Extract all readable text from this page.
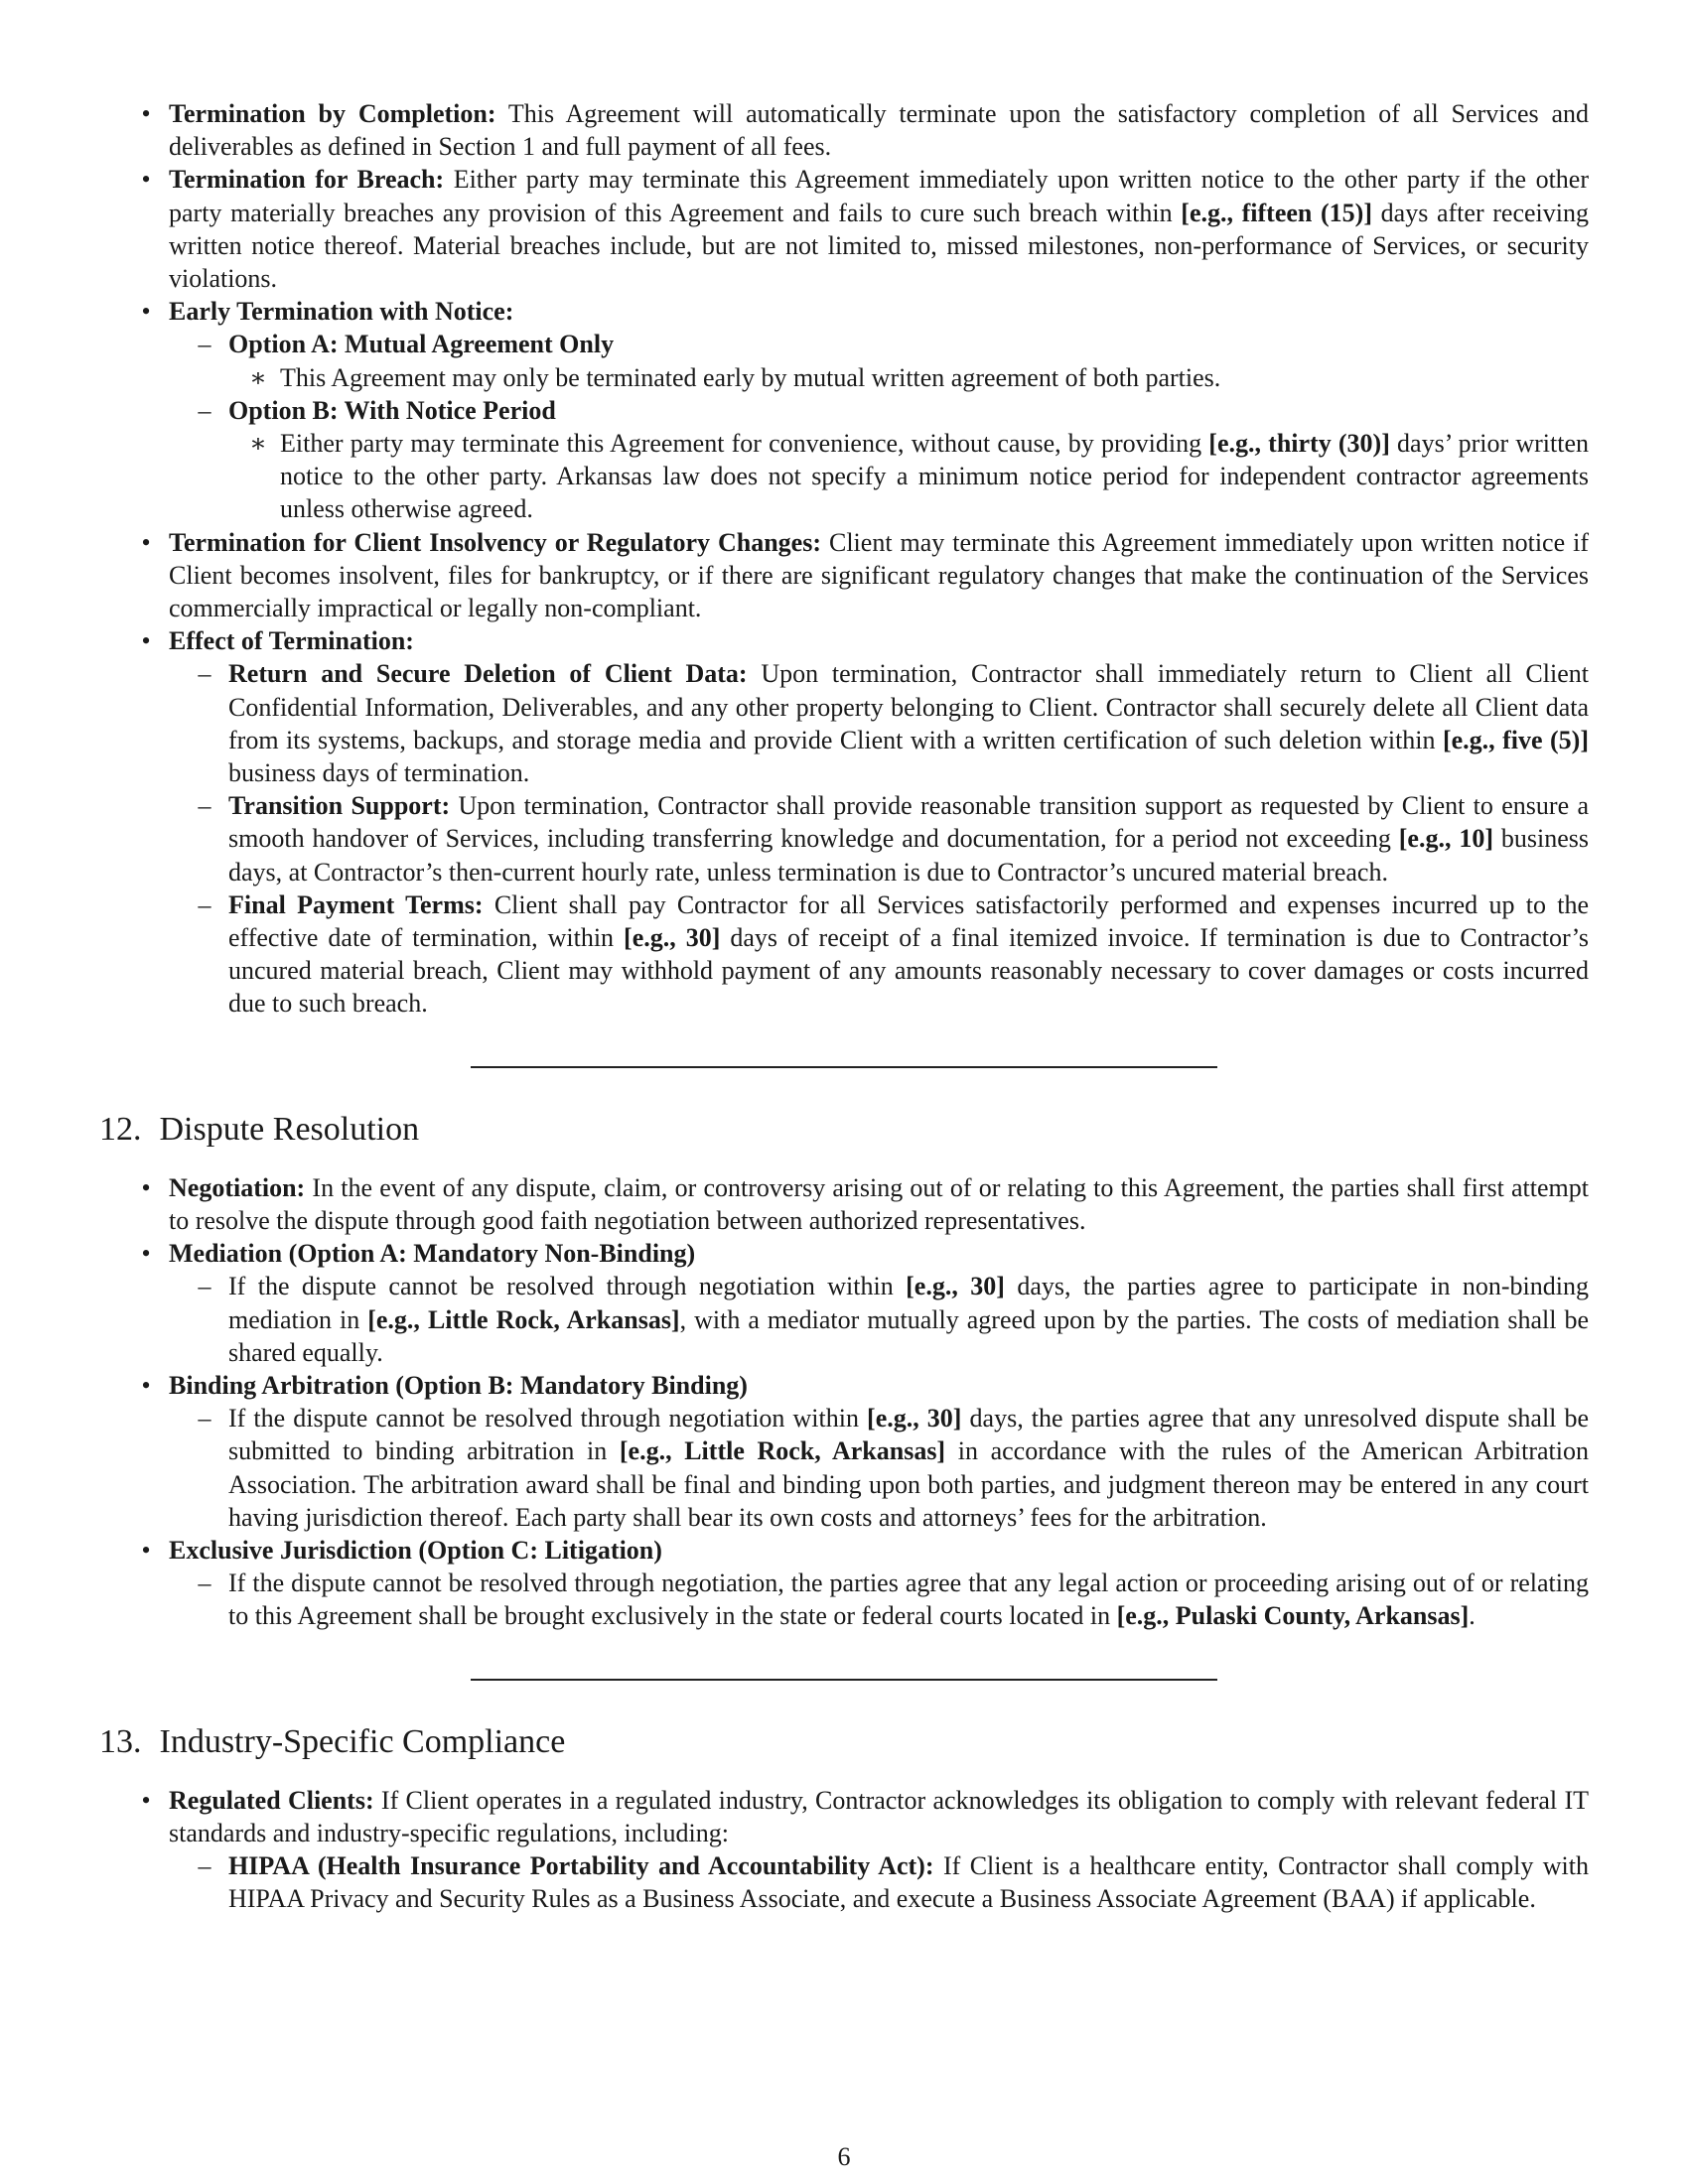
• Termination by Completion: This Agreement will automatically terminate upon the satisfactory completion of all Services and deliverables as defined in Section 1 and full payment of all fees.
• Termination for Breach: Either party may terminate this Agreement immediately upon written notice to the other party if the other party materially breaches any provision of this Agreement and fails to cure such breach within [e.g., fifteen (15)] days after receiving written notice thereof. Material breaches include, but are not limited to, missed milestones, non-performance of Services, or security violations.
• Early Termination with Notice:
– Option A: Mutual Agreement Only
∗ This Agreement may only be terminated early by mutual written agreement of both parties.
– Option B: With Notice Period
∗ Either party may terminate this Agreement for convenience, without cause, by providing [e.g., thirty (30)] days’ prior written notice to the other party. Arkansas law does not specify a minimum notice period for independent contractor agreements unless otherwise agreed.
• Termination for Client Insolvency or Regulatory Changes: Client may terminate this Agreement immediately upon written notice if Client becomes insolvent, files for bankruptcy, or if there are significant regulatory changes that make the continuation of the Services commercially impractical or legally non-compliant.
• Effect of Termination:
– Return and Secure Deletion of Client Data: Upon termination, Contractor shall immediately return to Client all Client Confidential Information, Deliverables, and any other property belonging to Client. Contractor shall securely delete all Client data from its systems, backups, and storage media and provide Client with a written certification of such deletion within [e.g., five (5)] business days of termination.
– Transition Support: Upon termination, Contractor shall provide reasonable transition support as requested by Client to ensure a smooth handover of Services, including transferring knowledge and documentation, for a period not exceeding [e.g., 10] business days, at Contractor’s then-current hourly rate, unless termination is due to Contractor’s uncured material breach.
– Final Payment Terms: Client shall pay Contractor for all Services satisfactorily performed and expenses incurred up to the effective date of termination, within [e.g., 30] days of receipt of a final itemized invoice. If termination is due to Contractor’s uncured material breach, Client may withhold payment of any amounts reasonably necessary to cover damages or costs incurred due to such breach.
12. Dispute Resolution
• Negotiation: In the event of any dispute, claim, or controversy arising out of or relating to this Agreement, the parties shall first attempt to resolve the dispute through good faith negotiation between authorized representatives.
• Mediation (Option A: Mandatory Non-Binding)
– If the dispute cannot be resolved through negotiation within [e.g., 30] days, the parties agree to participate in non-binding mediation in [e.g., Little Rock, Arkansas], with a mediator mutually agreed upon by the parties. The costs of mediation shall be shared equally.
• Binding Arbitration (Option B: Mandatory Binding)
– If the dispute cannot be resolved through negotiation within [e.g., 30] days, the parties agree that any unresolved dispute shall be submitted to binding arbitration in [e.g., Little Rock, Arkansas] in accordance with the rules of the American Arbitration Association. The arbitration award shall be final and binding upon both parties, and judgment thereon may be entered in any court having jurisdiction thereof. Each party shall bear its own costs and attorneys’ fees for the arbitration.
• Exclusive Jurisdiction (Option C: Litigation)
– If the dispute cannot be resolved through negotiation, the parties agree that any legal action or proceeding arising out of or relating to this Agreement shall be brought exclusively in the state or federal courts located in [e.g., Pulaski County, Arkansas].
13. Industry-Specific Compliance
• Regulated Clients: If Client operates in a regulated industry, Contractor acknowledges its obligation to comply with relevant federal IT standards and industry-specific regulations, including:
– HIPAA (Health Insurance Portability and Accountability Act): If Client is a healthcare entity, Contractor shall comply with HIPAA Privacy and Security Rules as a Business Associate, and execute a Business Associate Agreement (BAA) if applicable.
6
